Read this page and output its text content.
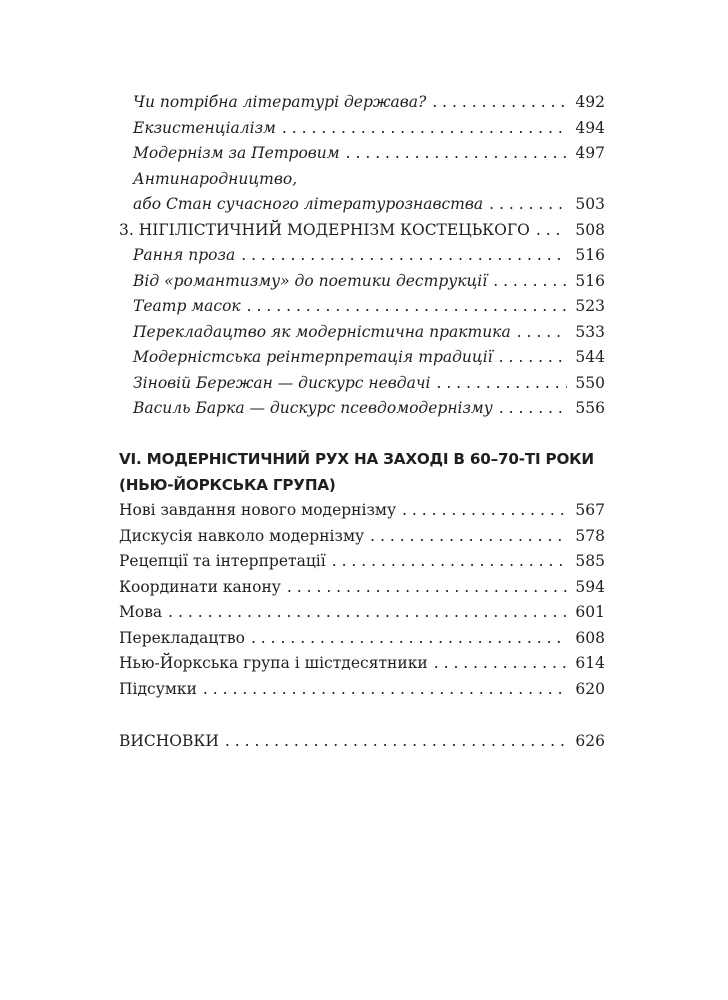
Чи потрібна літературі держава? . . .	492
Екзистенціалізм . . .	494
Модернізм за Петровим . . .	497
Антинародництво,
або Стан сучасного літературознавства . . .	503
3. НІГІЛІСТИЧНИЙ МОДЕРНІЗМ КОСТЕЦЬКОГО . . .	508
Рання проза . . .	516
Від «романтизму» до поетики деструкції . . .	516
Театр масок . . .	523
Перекладацтво як модерністична практика . . .	533
Модерністська реінтерпретація традиції . . .	544
Зіновій Бережан — дискурс невдачі . . .	550
Василь Барка — дискурс псевдомодернізму . . .	556
VI. МОДЕРНІСТИЧНИЙ РУХ НА ЗАХОДІ В 60–70-ТІ РОКИ
(НЬЮ-ЙОРКСЬКА ГРУПА)
Нові завдання нового модернізму . . .	567
Дискусія навколо модернізму . . .	578
Рецепції та інтерпретації . . .	585
Координати канону . . .	594
Мова . . .	601
Перекладацтво . . .	608
Нью-Йоркська група і шістдесятники . . .	614
Підсумки . . .	620
ВИСНОВКИ . . .	626
